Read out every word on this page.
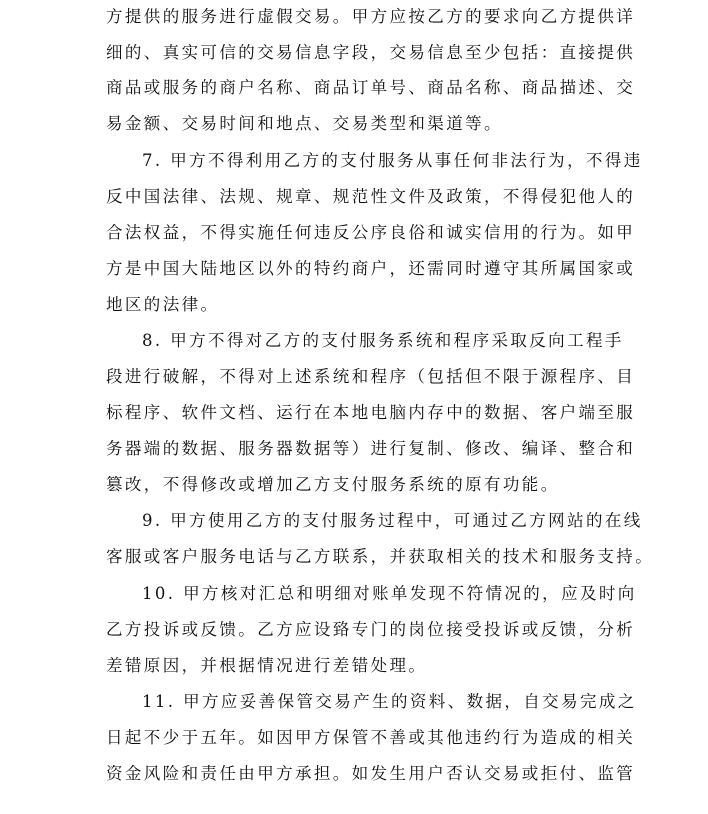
方提供的服务进行虚假交易。甲方应按乙方的要求向乙方提供详
细的、真实可信的交易信息字段，交易信息至少包括：直接提供
商品或服务的商户名称、商品订单号、商品名称、商品描述、交
易金额、交易时间和地点、交易类型和渠道等。
7. 甲方不得利用乙方的支付服务从事任何非法行为，不得违
反中国法律、法规、规章、规范性文件及政策，不得侵犯他人的
合法权益，不得实施任何违反公序良俗和诚实信用的行为。如甲
方是中国大陆地区以外的特约商户，还需同时遵守其所属国家或
地区的法律。
8. 甲方不得对乙方的支付服务系统和程序采取反向工程手
段进行破解，不得对上述系统和程序（包括但不限于源程序、目
标程序、软件文档、运行在本地电脑内存中的数据、客户端至服
务器端的数据、服务器数据等）进行复制、修改、编译、整合和
篡改，不得修改或增加乙方支付服务系统的原有功能。
9. 甲方使用乙方的支付服务过程中，可通过乙方网站的在线
客服或客户服务电话与乙方联系，并获取相关的技术和服务支持。
10. 甲方核对汇总和明细对账单发现不符情况的，应及时向
乙方投诉或反馈。乙方应设臵专门的岗位接受投诉或反馈，分析
差错原因，并根据情况进行差错处理。
11. 甲方应妥善保管交易产生的资料、数据，自交易完成之
日起不少于五年。如因甲方保管不善或其他违约行为造成的相关
资金风险和责任由甲方承担。如发生用户否认交易或拒付、监管
